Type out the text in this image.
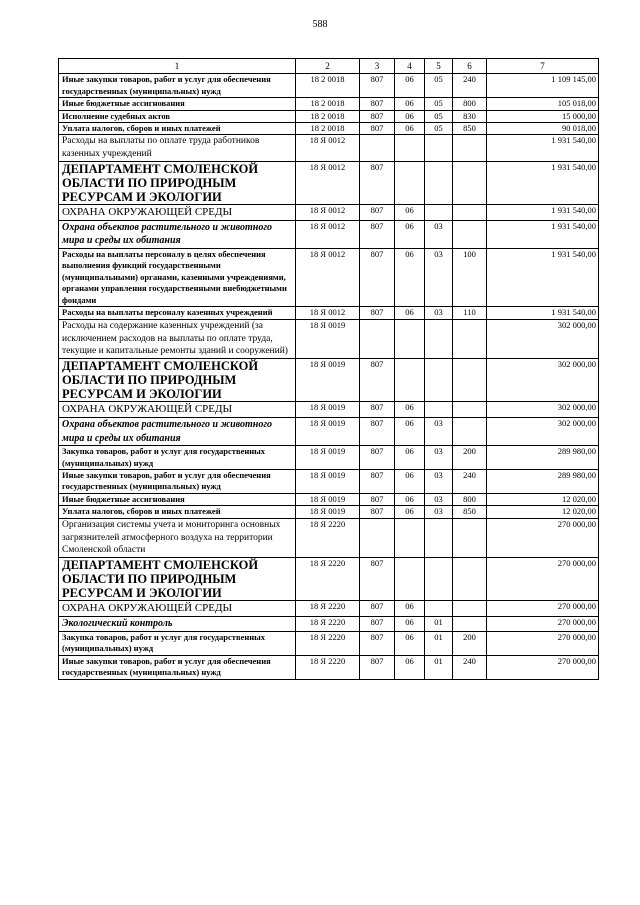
588
1	2	3	4	5	6	7
Иные закупки товаров, работ и услуг для обеспечения государственных (муниципальных) нужд	18 2 0018	807	06	05	240	1 109 145,00
Иные бюджетные ассигнования	18 2 0018	807	06	05	800	105 018,00
Исполнение судебных актов	18 2 0018	807	06	05	830	15 000,00
Уплата налогов, сборов и иных платежей	18 2 0018	807	06	05	850	90 018,00
Расходы на выплаты по оплате труда работников казенных учреждений	18 Я 0012					1 931 540,00
ДЕПАРТАМЕНТ СМОЛЕНСКОЙ ОБЛАСТИ ПО ПРИРОДНЫМ РЕСУРСАМ И ЭКОЛОГИИ	18 Я 0012	807				1 931 540,00
ОХРАНА ОКРУЖАЮЩЕЙ СРЕДЫ	18 Я 0012	807	06			1 931 540,00
Охрана объектов растительного и животного мира и среды их обитания	18 Я 0012	807	06	03		1 931 540,00
Расходы на выплаты персоналу в целях обеспечения выполнения функций государственными (муниципальными) органами, казенными учреждениями, органами управления государственными внебюджетными фондами	18 Я 0012	807	06	03	100	1 931 540,00
Расходы на выплаты персоналу казенных учреждений	18 Я 0012	807	06	03	110	1 931 540,00
Расходы на содержание казенных учреждений (за исключением расходов на выплаты по оплате труда, текущие и капитальные ремонты зданий и сооружений)	18 Я 0019					302 000,00
ДЕПАРТАМЕНТ СМОЛЕНСКОЙ ОБЛАСТИ ПО ПРИРОДНЫМ РЕСУРСАМ И ЭКОЛОГИИ	18 Я 0019	807				302 000,00
ОХРАНА ОКРУЖАЮЩЕЙ СРЕДЫ	18 Я 0019	807	06			302 000,00
Охрана объектов растительного и животного мира и среды их обитания	18 Я 0019	807	06	03		302 000,00
Закупка товаров, работ и услуг для государственных (муниципальных) нужд	18 Я 0019	807	06	03	200	289 980,00
Иные закупки товаров, работ и услуг для обеспечения государственных (муниципальных) нужд	18 Я 0019	807	06	03	240	289 980,00
Иные бюджетные ассигнования	18 Я 0019	807	06	03	800	12 020,00
Уплата налогов, сборов и иных платежей	18 Я 0019	807	06	03	850	12 020,00
Организация системы учета и мониторинга основных загрязнителей атмосферного воздуха на территории Смоленской области	18 Я 2220					270 000,00
ДЕПАРТАМЕНТ СМОЛЕНСКОЙ ОБЛАСТИ ПО ПРИРОДНЫМ РЕСУРСАМ И ЭКОЛОГИИ	18 Я 2220	807				270 000,00
ОХРАНА ОКРУЖАЮЩЕЙ СРЕДЫ	18 Я 2220	807	06			270 000,00
Экологический контроль	18 Я 2220	807	06	01		270 000,00
Закупка товаров, работ и услуг для государственных (муниципальных) нужд	18 Я 2220	807	06	01	200	270 000,00
Иные закупки товаров, работ и услуг для обеспечения государственных (муниципальных) нужд	18 Я 2220	807	06	01	240	270 000,00
